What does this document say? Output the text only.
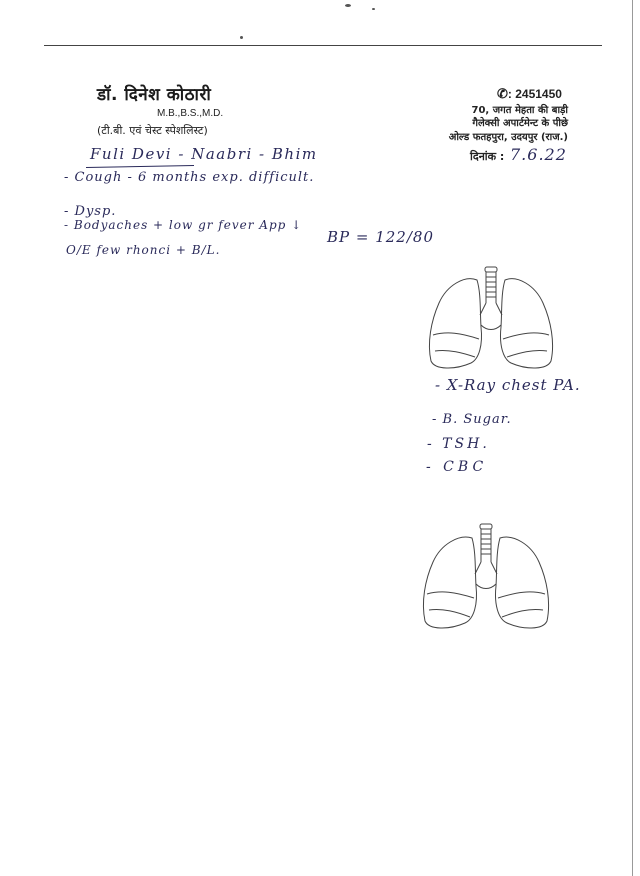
डॉ. दिनेश कोठारी
M.B.,B.S.,M.D.
(टी.बी. एवं चेस्ट स्पेशलिस्ट)
✆: 2451450
70, जगत मेहता की बाड़ी
गैलेक्सी अपार्टमेन्ट के पीछे
ओल्ड फतहपुरा, उदयपुर (राज.)
दिनांक : 7.6.22
Fuli Devi - Naabri - Bhim
- Cough - 6 months exp. difficult.
- Dysp.
- Bodyaches + low gr fever App ↓
BP = 122/80
O/E few rhonci + B/L.
- X-Ray chest PA.
- B. Sugar.
- TSH.
- CBC
